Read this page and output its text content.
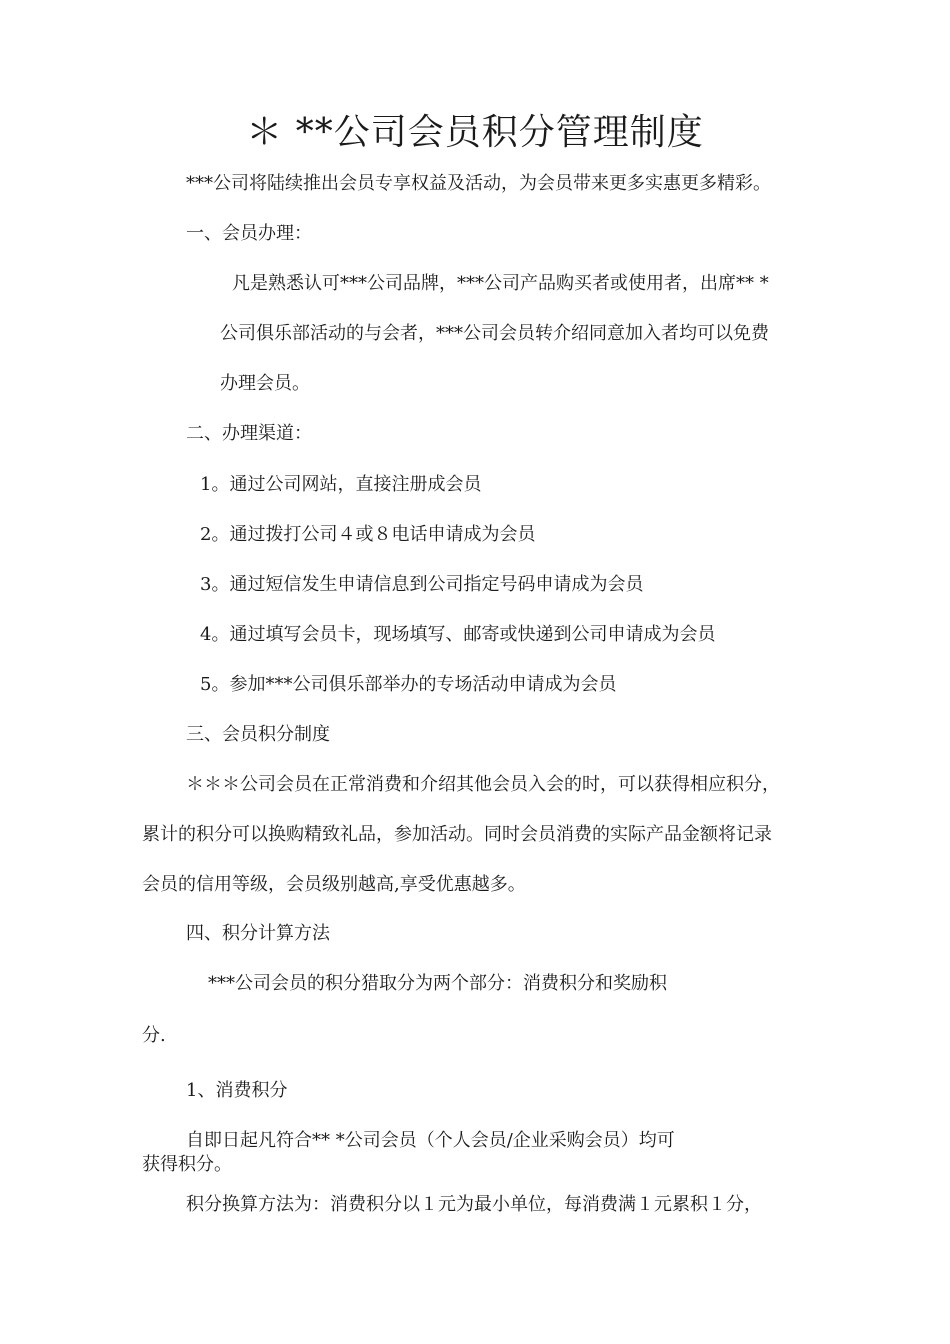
＊ **公司会员积分管理制度

***公司将陆续推出会员专享权益及活动，为会员带来更多实惠更多精彩。

一、会员办理：

凡是熟悉认可***公司品牌，***公司产品购买者或使用者，出席** *

公司俱乐部活动的与会者，***公司会员转介绍同意加入者均可以免费

办理会员。

二、办理渠道：

1。通过公司网站，直接注册成会员

2。通过拨打公司４或８电话申请成为会员

3。通过短信发生申请信息到公司指定号码申请成为会员

4。通过填写会员卡，现场填写、邮寄或快递到公司申请成为会员

5。参加***公司俱乐部举办的专场活动申请成为会员

三、会员积分制度

＊＊＊公司会员在正常消费和介绍其他会员入会的时，可以获得相应积分，

累计的积分可以换购精致礼品，参加活动。同时会员消费的实际产品金额将记录

会员的信用等级，会员级别越高,享受优惠越多。

四、积分计算方法

***公司会员的积分猎取分为两个部分：消费积分和奖励积

分.

1、消费积分

自即日起凡符合** *公司会员（个人会员/企业采购会员）均可

获得积分。

积分换算方法为：消费积分以１元为最小单位，每消费满１元累积１分，
